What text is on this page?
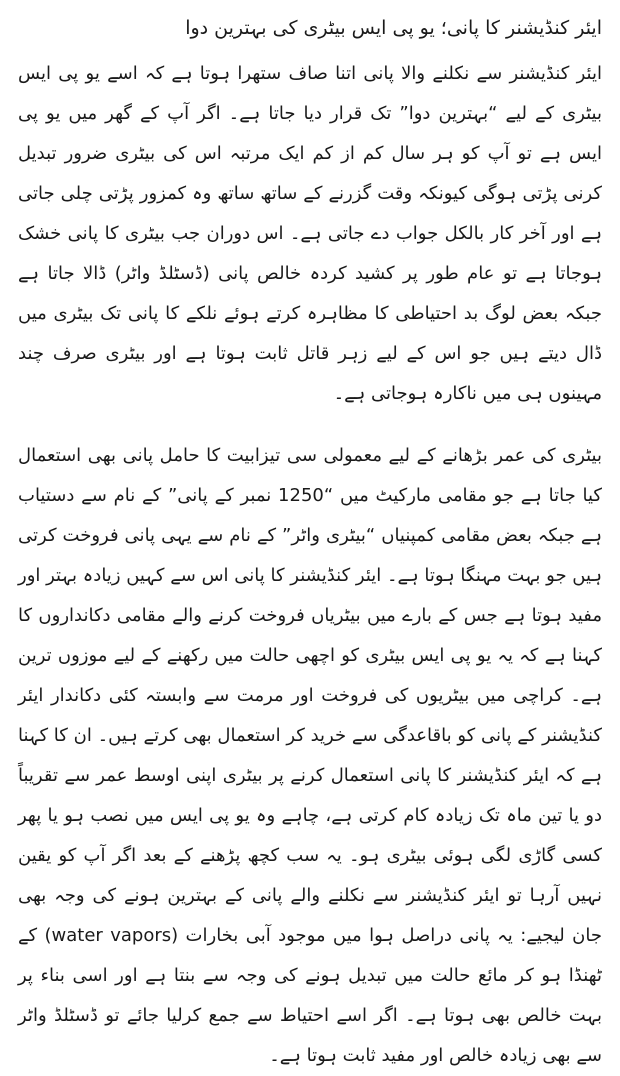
ایئر کنڈیشنر کا پانی؛ یو پی ایس بیٹری کی بہترین دوا

ایئر کنڈیشنر سے نکلنے والا پانی اتنا صاف ستھرا ہوتا ہے کہ اسے یو پی ایس بیٹری کے لیے “بہترین دوا” تک قرار دیا جاتا ہے۔ اگر آپ کے گھر میں یو پی ایس ہے تو آپ کو ہر سال کم از کم ایک مرتبہ اس کی بیٹری ضرور تبدیل کرنی پڑتی ہوگی کیونکہ وقت گزرنے کے ساتھ ساتھ وہ کمزور پڑتی چلی جاتی ہے اور آخر کار بالکل جواب دے جاتی ہے۔ اس دوران جب بیٹری کا پانی خشک ہوجاتا ہے تو عام طور پر کشید کردہ خالص پانی (ڈسٹلڈ واٹر) ڈالا جاتا ہے جبکہ بعض لوگ بد احتیاطی کا مظاہرہ کرتے ہوئے نلکے کا پانی تک بیٹری میں ڈال دیتے ہیں جو اس کے لیے زہر قاتل ثابت ہوتا ہے اور بیٹری صرف چند مہینوں ہی میں ناکارہ ہوجاتی ہے۔

بیٹری کی عمر بڑھانے کے لیے معمولی سی تیزابیت کا حامل پانی بھی استعمال کیا جاتا ہے جو مقامی مارکیٹ میں “1250 نمبر کے پانی” کے نام سے دستیاب ہے جبکہ بعض مقامی کمپنیاں “بیٹری واٹر” کے نام سے یہی پانی فروخت کرتی ہیں جو بہت مہنگا ہوتا ہے۔ ایئر کنڈیشنر کا پانی اس سے کہیں زیادہ بہتر اور مفید ہوتا ہے جس کے بارے میں بیٹریاں فروخت کرنے والے مقامی دکانداروں کا کہنا ہے کہ یہ یو پی ایس بیٹری کو اچھی حالت میں رکھنے کے لیے موزوں ترین ہے۔ کراچی میں بیٹریوں کی فروخت اور مرمت سے وابستہ کئی دکاندار ایئر کنڈیشنر کے پانی کو باقاعدگی سے خرید کر استعمال بھی کرتے ہیں۔ ان کا کہنا ہے کہ ایئر کنڈیشنر کا پانی استعمال کرنے پر بیٹری اپنی اوسط عمر سے تقریباً دو یا تین ماہ تک زیادہ کام کرتی ہے، چاہے وہ یو پی ایس میں نصب ہو یا پھر کسی گاڑی لگی ہوئی بیٹری ہو۔ یہ سب کچھ پڑھنے کے بعد اگر آپ کو یقین نہیں آرہا تو ایئر کنڈیشنر سے نکلنے والے پانی کے بہترین ہونے کی وجہ بھی جان لیجیے: یہ پانی دراصل ہوا میں موجود آبی بخارات (water vapors) کے ٹھنڈا ہو کر مائع حالت میں تبدیل ہونے کی وجہ سے بنتا ہے اور اسی بناء پر بہت خالص بھی ہوتا ہے۔ اگر اسے احتیاط سے جمع کرلیا جائے تو ڈسٹلڈ واٹر سے بھی زیادہ خالص اور مفید ثابت ہوتا ہے۔
